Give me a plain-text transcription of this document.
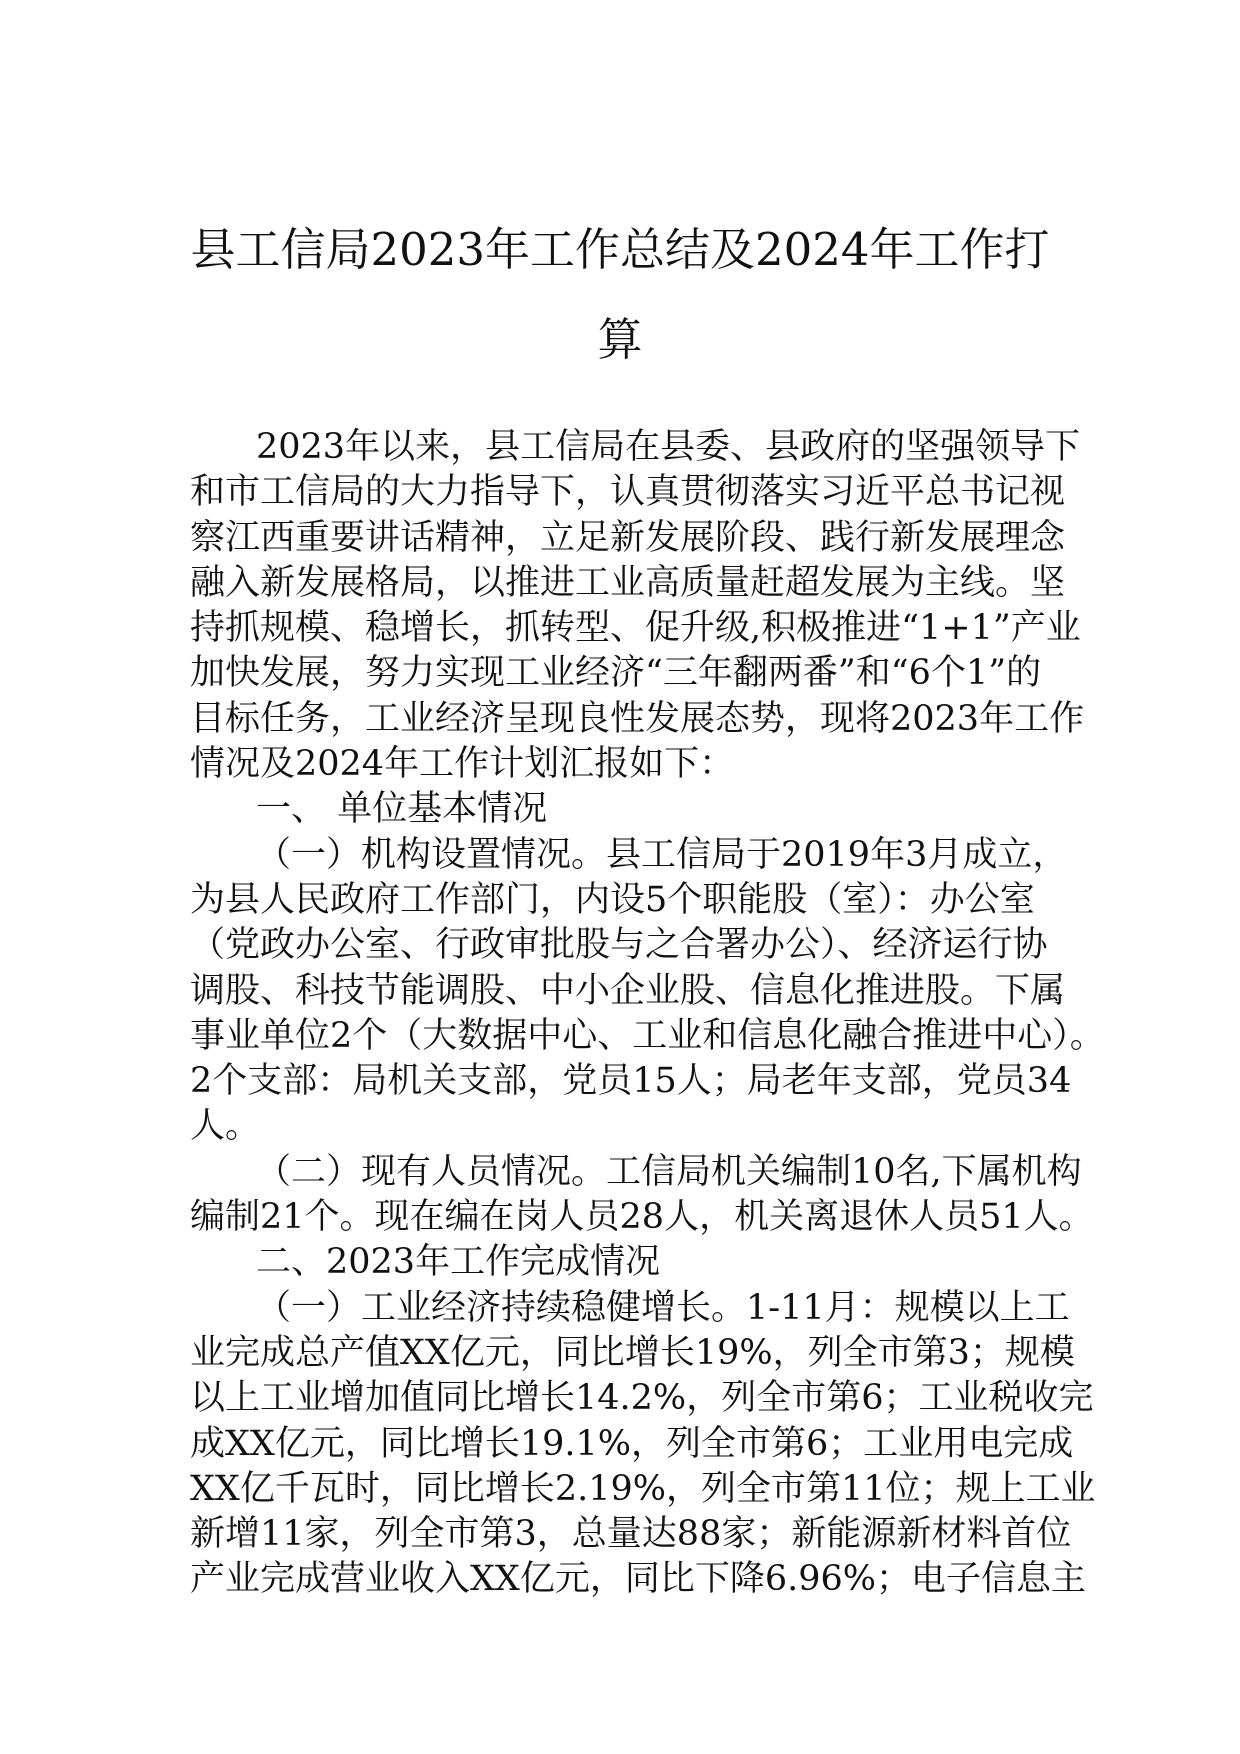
县工信局2023年工作总结及2024年工作打
算

2023年以来，县工信局在县委、县政府的坚强领导下

和市工信局的大力指导下，认真贯彻落实习近平总书记视

察江西重要讲话精神，立足新发展阶段、践行新发展理念

融入新发展格局，以推进工业高质量赶超发展为主线。坚

持抓规模、稳增长，抓转型、促升级,积极推进“1+1”产业

加快发展，努力实现工业经济“三年翻两番”和“6个1”的

目标任务，工业经济呈现良性发展态势，现将2023年工作

情况及2024年工作计划汇报如下：

一、 单位基本情况

（一）机构设置情况。县工信局于2019年3月成立，

为县人民政府工作部门，内设5个职能股（室）：办公室

（党政办公室、行政审批股与之合署办公）、经济运行协

调股、科技节能调股、中小企业股、信息化推进股。下属

事业单位2个（大数据中心、工业和信息化融合推进中心）。

2个支部：局机关支部，党员15人；局老年支部，党员34

人。

（二）现有人员情况。工信局机关编制10名,下属机构

编制21个。现在编在岗人员28人，机关离退休人员51人。

二、2023年工作完成情况

（一）工业经济持续稳健增长。1-11月：规模以上工

业完成总产值XX亿元，同比增长19%，列全市第3；规模

以上工业增加值同比增长14.2%，列全市第6；工业税收完

成XX亿元，同比增长19.1%，列全市第6；工业用电完成

XX亿千瓦时，同比增长2.19%，列全市第11位；规上工业

新增11家，列全市第3，总量达88家；新能源新材料首位

产业完成营业收入XX亿元，同比下降6.96%；电子信息主
